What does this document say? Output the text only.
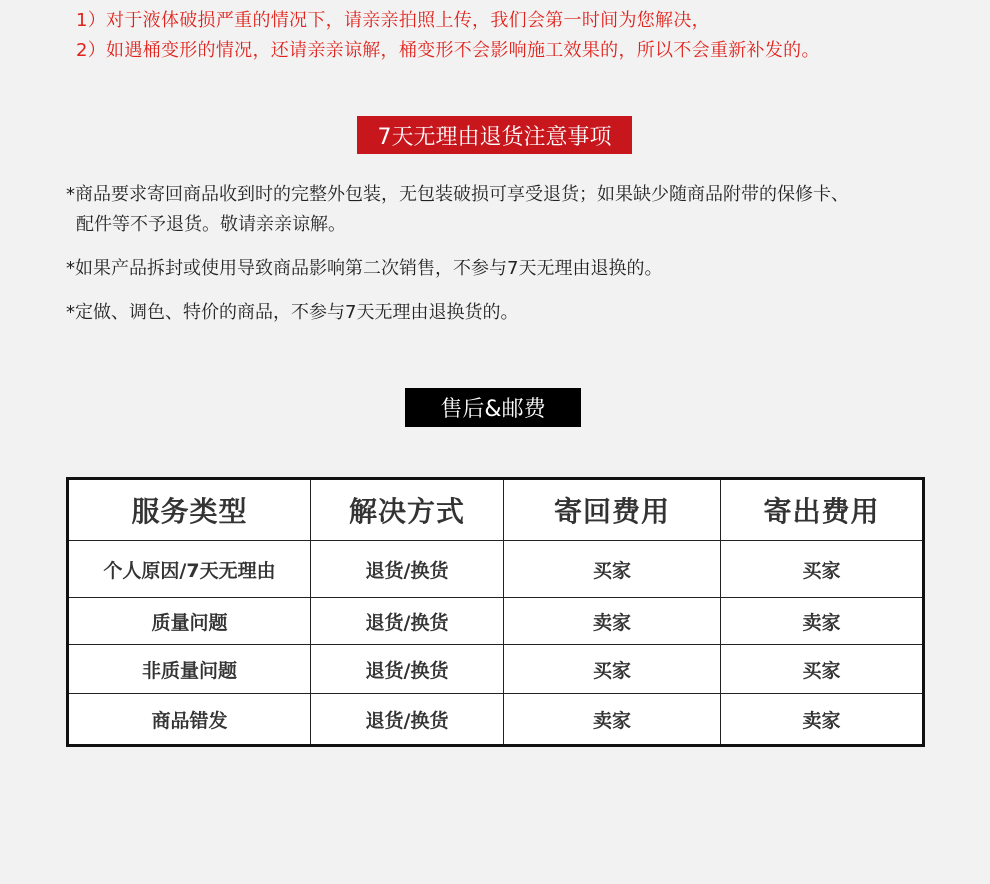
1）对于液体破损严重的情况下，请亲亲拍照上传，我们会第一时间为您解决，
2）如遇桶变形的情况，还请亲亲谅解，桶变形不会影响施工效果的，所以不会重新补发的。
7天无理由退货注意事项
*商品要求寄回商品收到时的完整外包装，无包装破损可享受退货；如果缺少随商品附带的保修卡、
配件等不予退货。敬请亲亲谅解。
*如果产品拆封或使用导致商品影响第二次销售，不参与7天无理由退换的。
*定做、调色、特价的商品，不参与7天无理由退换货的。
售后&邮费
服务类型	解决方式	寄回费用	寄出费用
个人原因/7天无理由	退货/换货	买家	买家
质量问题	退货/换货	卖家	卖家
非质量问题	退货/换货	买家	买家
商品错发	退货/换货	卖家	卖家
